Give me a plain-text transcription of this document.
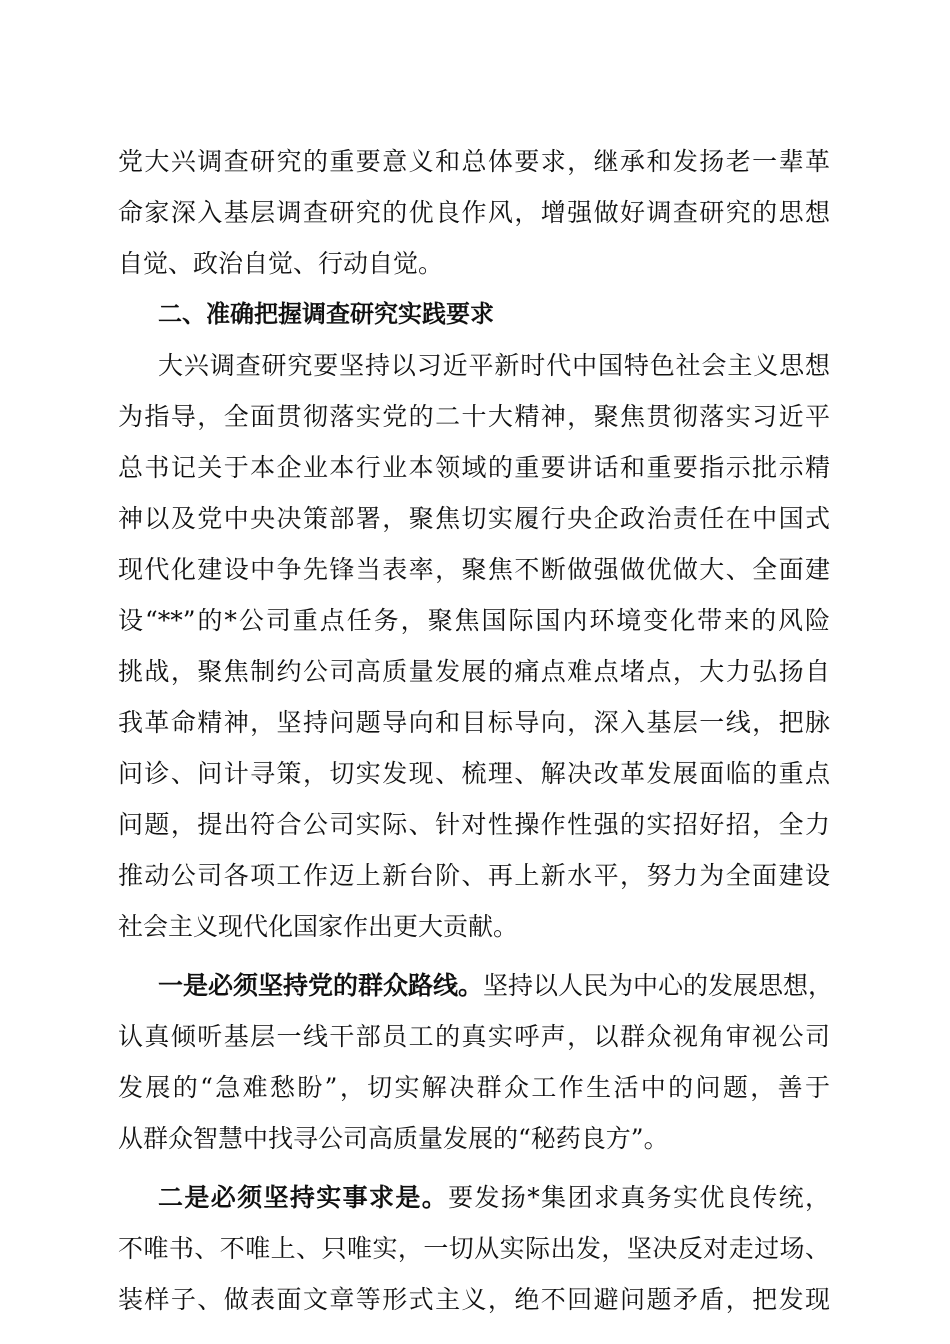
党大兴调查研究的重要意义和总体要求，继承和发扬老一辈革
命家深入基层调查研究的优良作风，增强做好调查研究的思想
自觉、政治自觉、行动自觉。
二、准确把握调查研究实践要求
大兴调查研究要坚持以习近平新时代中国特色社会主义思想
为指导，全面贯彻落实党的二十大精神，聚焦贯彻落实习近平
总书记关于本企业本行业本领域的重要讲话和重要指示批示精
神以及党中央决策部署，聚焦切实履行央企政治责任在中国式
现代化建设中争先锋当表率，聚焦不断做强做优做大、全面建
设“**”的*公司重点任务，聚焦国际国内环境变化带来的风险
挑战，聚焦制约公司高质量发展的痛点难点堵点，大力弘扬自
我革命精神，坚持问题导向和目标导向，深入基层一线，把脉
问诊、问计寻策，切实发现、梳理、解决改革发展面临的重点
问题，提出符合公司实际、针对性操作性强的实招好招，全力
推动公司各项工作迈上新台阶、再上新水平，努力为全面建设
社会主义现代化国家作出更大贡献。
一是必须坚持党的群众路线。坚持以人民为中心的发展思想，
认真倾听基层一线干部员工的真实呼声，以群众视角审视公司
发展的“急难愁盼”，切实解决群众工作生活中的问题，善于
从群众智慧中找寻公司高质量发展的“秘药良方”。
二是必须坚持实事求是。要发扬*集团求真务实优良传统，
不唯书、不唯上、只唯实，一切从实际出发，坚决反对走过场、
装样子、做表面文章等形式主义，绝不回避问题矛盾，把发现
